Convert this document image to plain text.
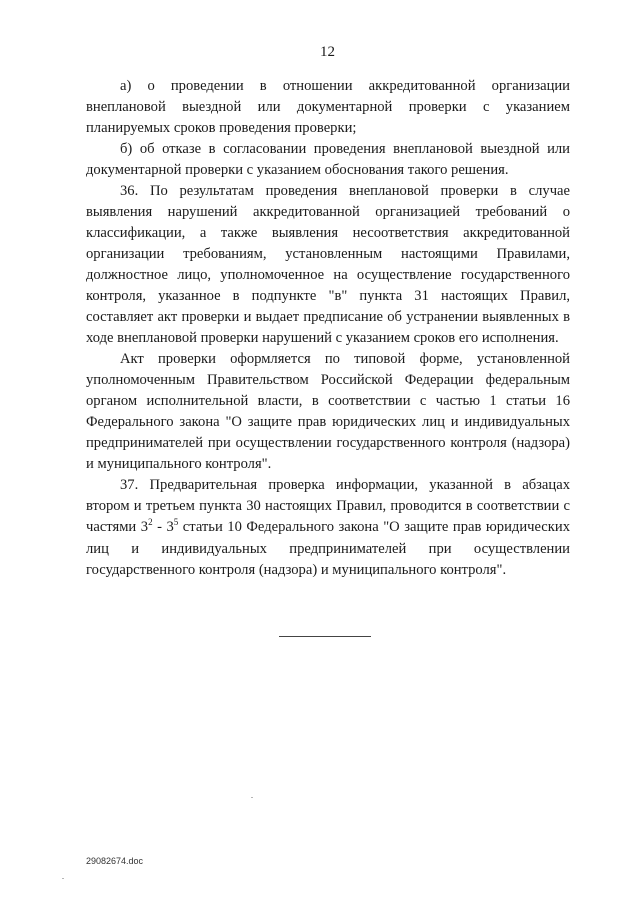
12

а) о проведении в отношении аккредитованной организации внеплановой выездной или документарной проверки с указанием планируемых сроков проведения проверки;

б) об отказе в согласовании проведения внеплановой выездной или документарной проверки с указанием обоснования такого решения.

36. По результатам проведения внеплановой проверки в случае выявления нарушений аккредитованной организацией требований о классификации, а также выявления несоответствия аккредитованной организации требованиям, установленным настоящими Правилами, должностное лицо, уполномоченное на осуществление государственного контроля, указанное в подпункте "в" пункта 31 настоящих Правил, составляет акт проверки и выдает предписание об устранении выявленных в ходе внеплановой проверки нарушений с указанием сроков его исполнения.

Акт проверки оформляется по типовой форме, установленной уполномоченным Правительством Российской Федерации федеральным органом исполнительной власти, в соответствии с частью 1 статьи 16 Федерального закона "О защите прав юридических лиц и индивидуальных предпринимателей при осуществлении государственного контроля (надзора) и муниципального контроля".

37. Предварительная проверка информации, указанной в абзацах втором и третьем пункта 30 настоящих Правил, проводится в соответствии с частями $3^2 - 3^5$ статьи 10 Федерального закона "О защите прав юридических лиц и индивидуальных предпринимателей при осуществлении государственного контроля (надзора) и муниципального контроля".

29082674.doc
